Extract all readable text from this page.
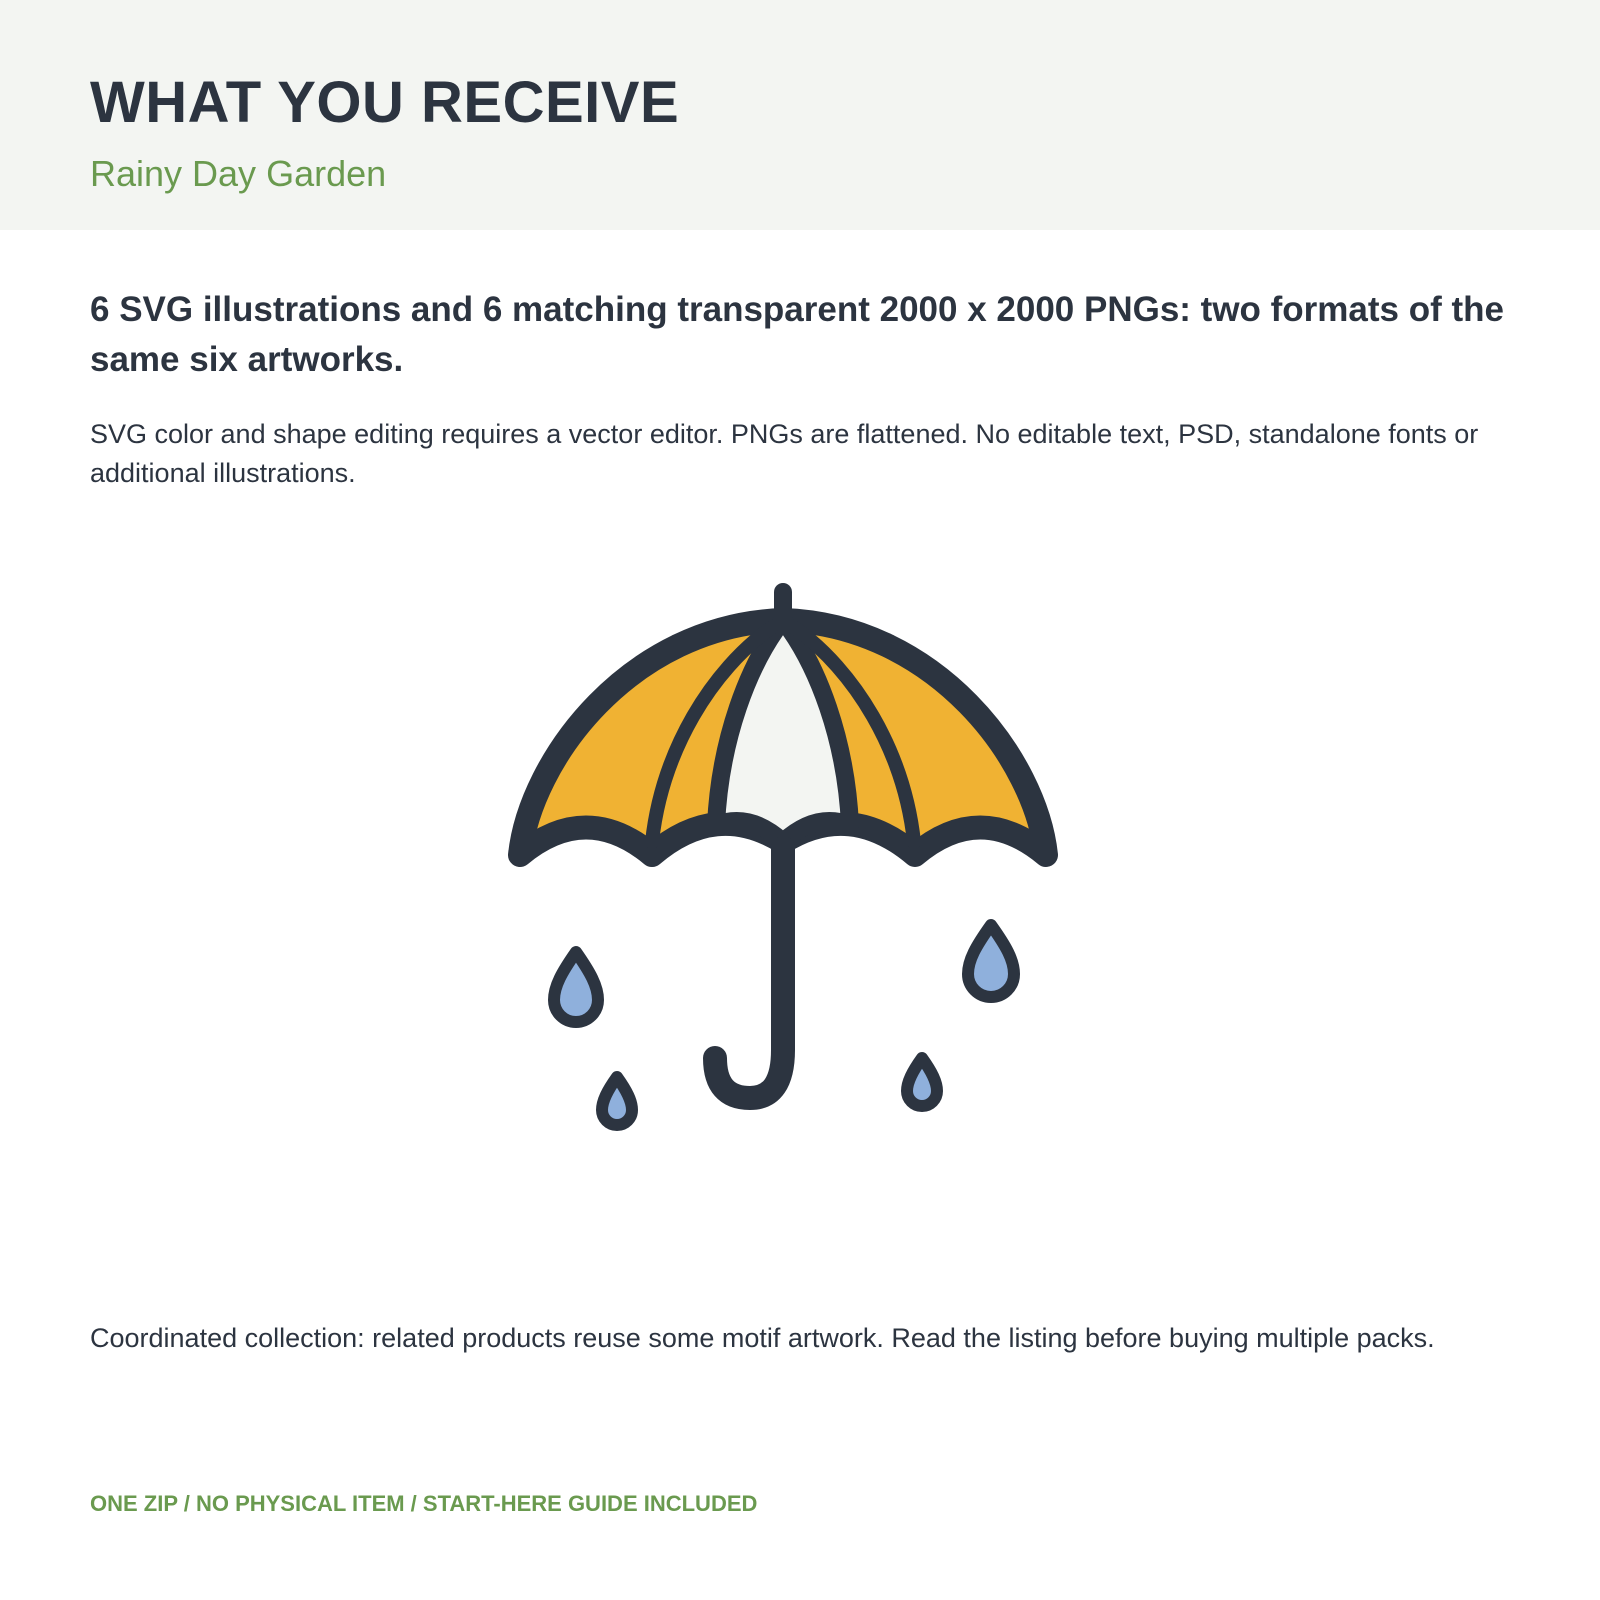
WHAT YOU RECEIVE

Rainy Day Garden

6 SVG illustrations and 6 matching transparent 2000 x 2000 PNGs: two formats of the same six artworks.

SVG color and shape editing requires a vector editor. PNGs are flattened. No editable text, PSD, standalone fonts or additional illustrations.

Coordinated collection: related products reuse some motif artwork. Read the listing before buying multiple packs.

ONE ZIP / NO PHYSICAL ITEM / START-HERE GUIDE INCLUDED
